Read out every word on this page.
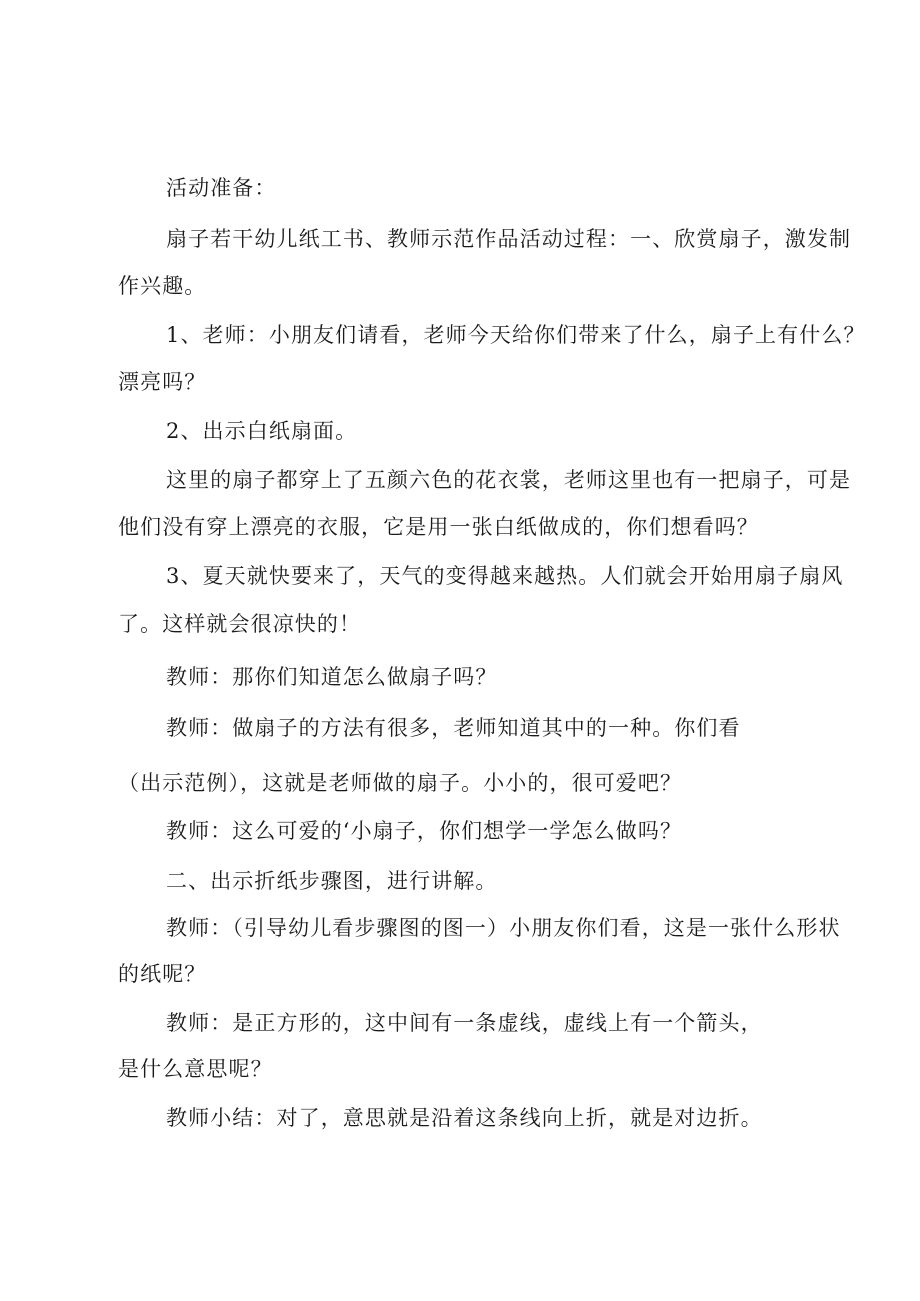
活动准备：
扇子若干幼儿纸工书、教师示范作品活动过程：一、欣赏扇子，激发制
作兴趣。
1、老师：小朋友们请看，老师今天给你们带来了什么，扇子上有什么？
漂亮吗？
2、出示白纸扇面。
这里的扇子都穿上了五颜六色的花衣裳，老师这里也有一把扇子，可是
他们没有穿上漂亮的衣服，它是用一张白纸做成的，你们想看吗？
3、夏天就快要来了，天气的变得越来越热。人们就会开始用扇子扇风
了。这样就会很凉快的！
教师：那你们知道怎么做扇子吗？
教师：做扇子的方法有很多，老师知道其中的一种。你们看
（出示范例），这就是老师做的扇子。小小的，很可爱吧？
教师：这么可爱的‘小扇子，你们想学一学怎么做吗？
二、出示折纸步骤图，进行讲解。
教师：（引导幼儿看步骤图的图一）小朋友你们看，这是一张什么形状
的纸呢？
教师：是正方形的，这中间有一条虚线，虚线上有一个箭头，
是什么意思呢？
教师小结：对了，意思就是沿着这条线向上折，就是对边折。
